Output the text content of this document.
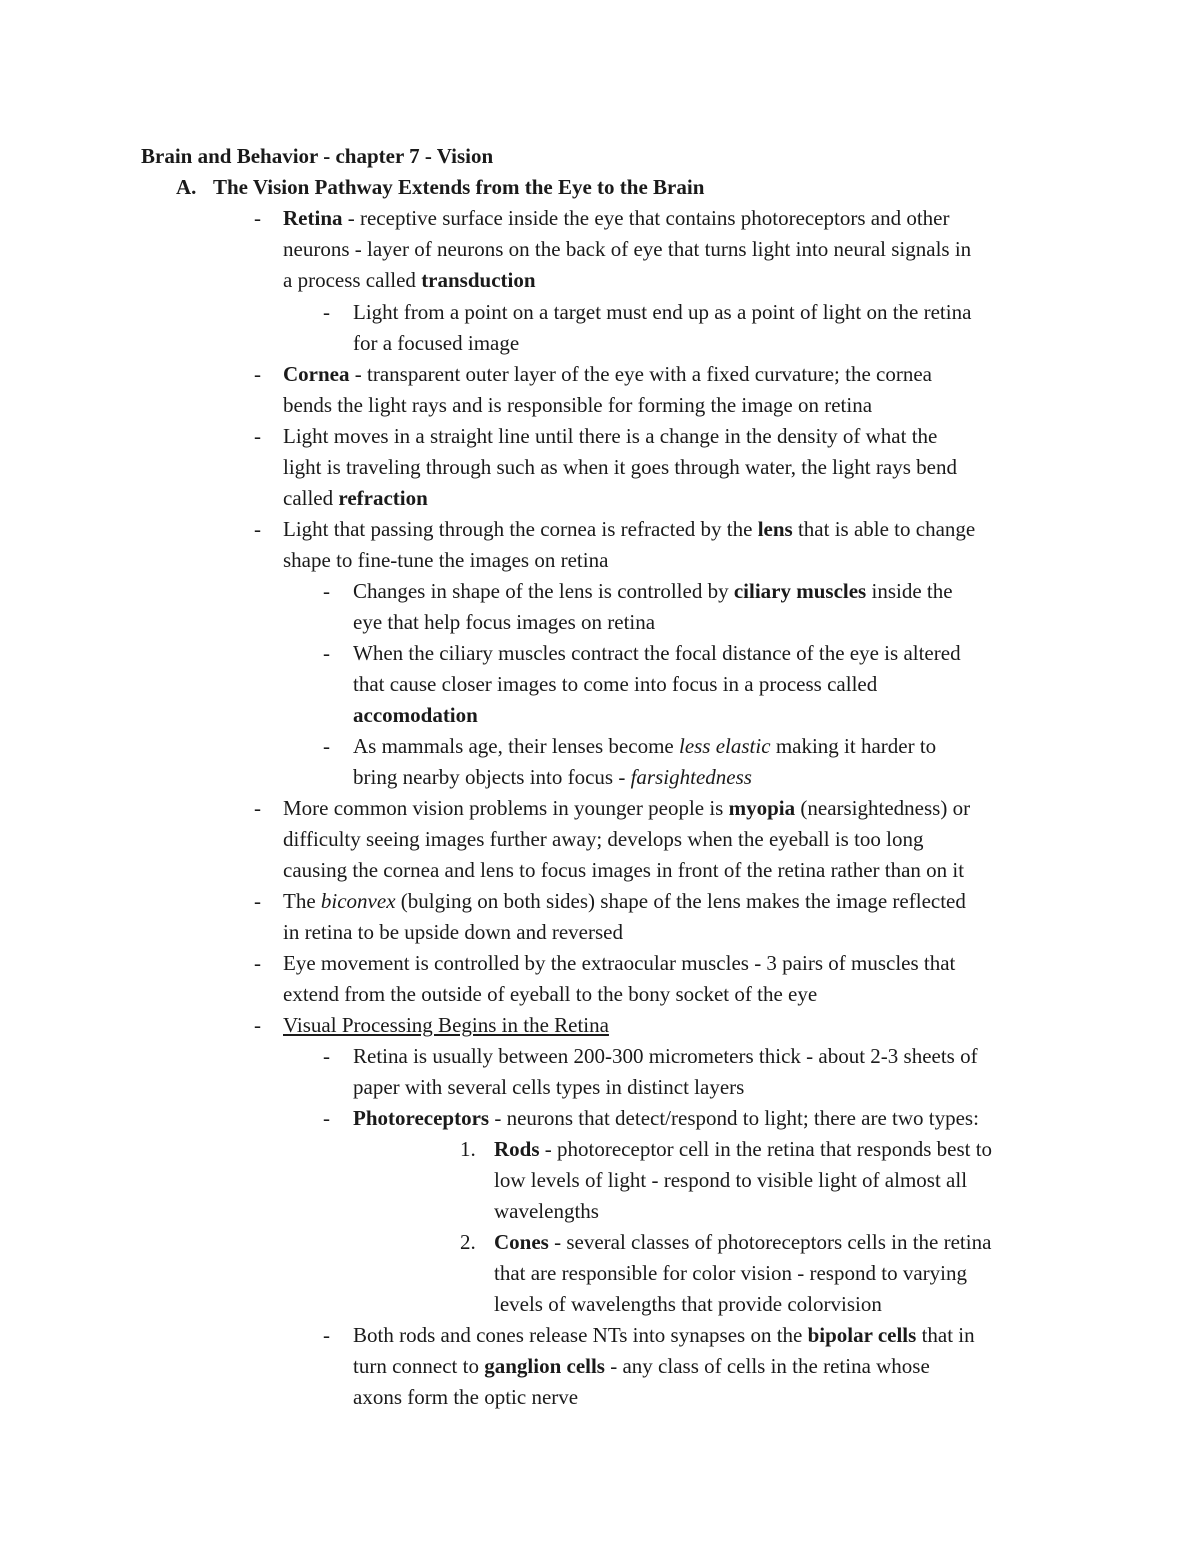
Brain and Behavior - chapter 7 - Vision
A. The Vision Pathway Extends from the Eye to the Brain
- Retina - receptive surface inside the eye that contains photoreceptors and other
neurons - layer of neurons on the back of eye that turns light into neural signals in
a process called transduction
- Light from a point on a target must end up as a point of light on the retina
for a focused image
- Cornea - transparent outer layer of the eye with a fixed curvature; the cornea
bends the light rays and is responsible for forming the image on retina
- Light moves in a straight line until there is a change in the density of what the
light is traveling through such as when it goes through water, the light rays bend
called refraction
- Light that passing through the cornea is refracted by the lens that is able to change
shape to fine-tune the images on retina
- Changes in shape of the lens is controlled by ciliary muscles inside the
eye that help focus images on retina
- When the ciliary muscles contract the focal distance of the eye is altered
that cause closer images to come into focus in a process called
accomodation
- As mammals age, their lenses become less elastic making it harder to
bring nearby objects into focus - farsightedness
- More common vision problems in younger people is myopia (nearsightedness) or
difficulty seeing images further away; develops when the eyeball is too long
causing the cornea and lens to focus images in front of the retina rather than on it
- The biconvex (bulging on both sides) shape of the lens makes the image reflected
in retina to be upside down and reversed
- Eye movement is controlled by the extraocular muscles - 3 pairs of muscles that
extend from the outside of eyeball to the bony socket of the eye
- Visual Processing Begins in the Retina
- Retina is usually between 200-300 micrometers thick - about 2-3 sheets of
paper with several cells types in distinct layers
- Photoreceptors - neurons that detect/respond to light; there are two types:
1. Rods - photoreceptor cell in the retina that responds best to
low levels of light - respond to visible light of almost all
wavelengths
2. Cones - several classes of photoreceptors cells in the retina
that are responsible for color vision - respond to varying
levels of wavelengths that provide colorvision
- Both rods and cones release NTs into synapses on the bipolar cells that in
turn connect to ganglion cells - any class of cells in the retina whose
axons form the optic nerve
